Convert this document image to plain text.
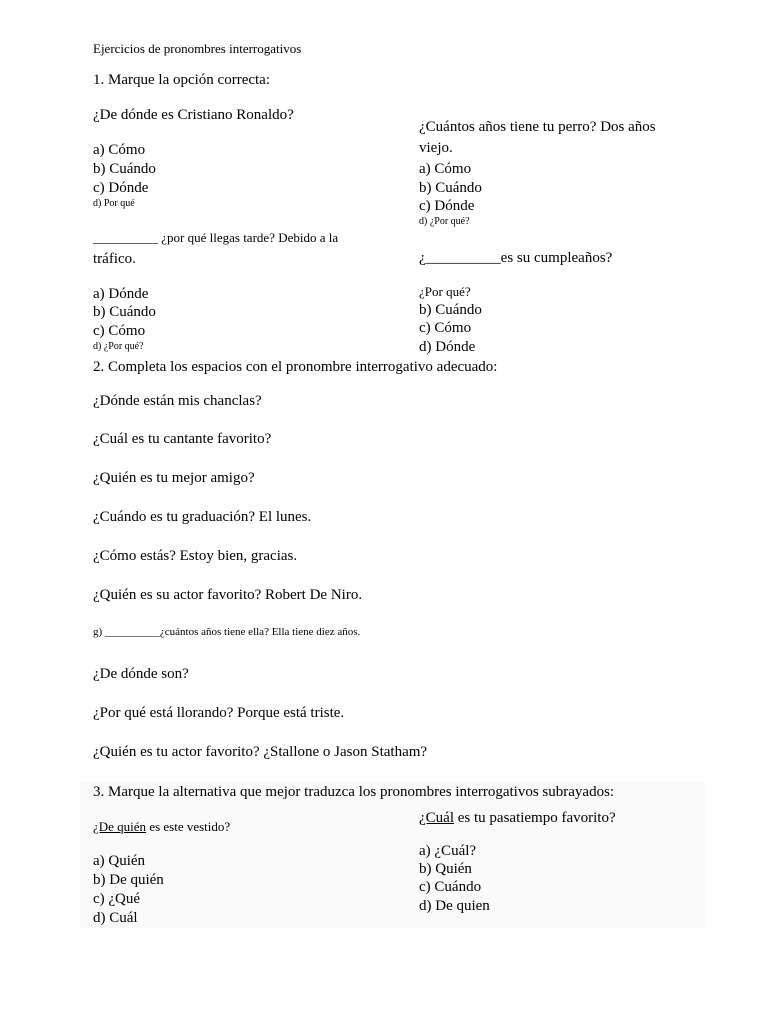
Ejercicios de pronombres interrogativos
1. Marque la opción correcta:
¿De dónde es Cristiano Ronaldo?
a) Cómo
b) Cuándo
c) Dónde
d) Por qué
¿Cuántos años tiene tu perro? Dos años
viejo.
a) Cómo
b) Cuándo
c) Dónde
d) ¿Por qué?
__________ ¿por qué llegas tarde? Debido a la
tráfico.
a) Dónde
b) Cuándo
c) Cómo
d) ¿Por qué?
¿__________es su cumpleaños?
¿Por qué?
b) Cuándo
c) Cómo
d) Dónde
2. Completa los espacios con el pronombre interrogativo adecuado:
¿Dónde están mis chanclas?
¿Cuál es tu cantante favorito?
¿Quién es tu mejor amigo?
¿Cuándo es tu graduación? El lunes.
¿Cómo estás? Estoy bien, gracias.
¿Quién es su actor favorito? Robert De Niro.
g) __________¿cuántos años tiene ella? Ella tiene diez años.
¿De dónde son?
¿Por qué está llorando? Porque está triste.
¿Quién es tu actor favorito? ¿Stallone o Jason Statham?
3. Marque la alternativa que mejor traduzca los pronombres interrogativos subrayados:
¿De quién es este vestido?
a) Quién
b) De quién
c) ¿Qué
d) Cuál
¿Cuál es tu pasatiempo favorito?
a) ¿Cuál?
b) Quién
c) Cuándo
d) De quien
